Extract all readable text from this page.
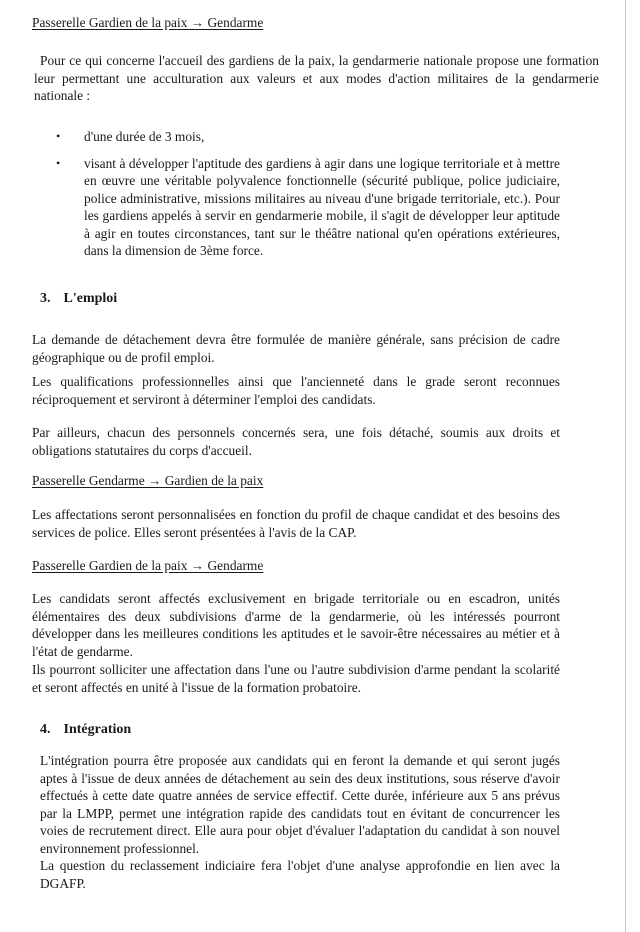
Passerelle Gardien de la paix → Gendarme

Pour ce qui concerne l'accueil des gardiens de la paix, la gendarmerie nationale propose une formation leur permettant une acculturation aux valeurs et aux modes d'action militaires de la gendarmerie nationale :

• d'une durée de 3 mois,
• visant à développer l'aptitude des gardiens à agir dans une logique territoriale et à mettre en œuvre une véritable polyvalence fonctionnelle (sécurité publique, police judiciaire, police administrative, missions militaires au niveau d'une brigade territoriale, etc.). Pour les gardiens appelés à servir en gendarmerie mobile, il s'agit de développer leur aptitude à agir en toutes circonstances, tant sur le théâtre national qu'en opérations extérieures, dans la dimension de 3ème force.
3. L'emploi

La demande de détachement devra être formulée de manière générale, sans précision de cadre géographique ou de profil emploi.

Les qualifications professionnelles ainsi que l'ancienneté dans le grade seront reconnues réciproquement et serviront à déterminer l'emploi des candidats.

Par ailleurs, chacun des personnels concernés sera, une fois détaché, soumis aux droits et obligations statutaires du corps d'accueil.

Passerelle Gendarme → Gardien de la paix

Les affectations seront personnalisées en fonction du profil de chaque candidat et des besoins des services de police. Elles seront présentées à l'avis de la CAP.

Passerelle Gardien de la paix → Gendarme

Les candidats seront affectés exclusivement en brigade territoriale ou en escadron, unités élémentaires des deux subdivisions d'arme de la gendarmerie, où les intéressés pourront développer dans les meilleures conditions les aptitudes et le savoir-être nécessaires au métier et à l'état de gendarme.

Ils pourront solliciter une affectation dans l'une ou l'autre subdivision d'arme pendant la scolarité et seront affectés en unité à l'issue de la formation probatoire.

4. Intégration

L'intégration pourra être proposée aux candidats qui en feront la demande et qui seront jugés aptes à l'issue de deux années de détachement au sein des deux institutions, sous réserve d'avoir effectués à cette date quatre années de service effectif. Cette durée, inférieure aux 5 ans prévus par la LMPP, permet une intégration rapide des candidats tout en évitant de concurrencer les voies de recrutement direct. Elle aura pour objet d'évaluer l'adaptation du candidat à son nouvel environnement professionnel.

La question du reclassement indiciaire fera l'objet d'une analyse approfondie en lien avec la DGAFP.
